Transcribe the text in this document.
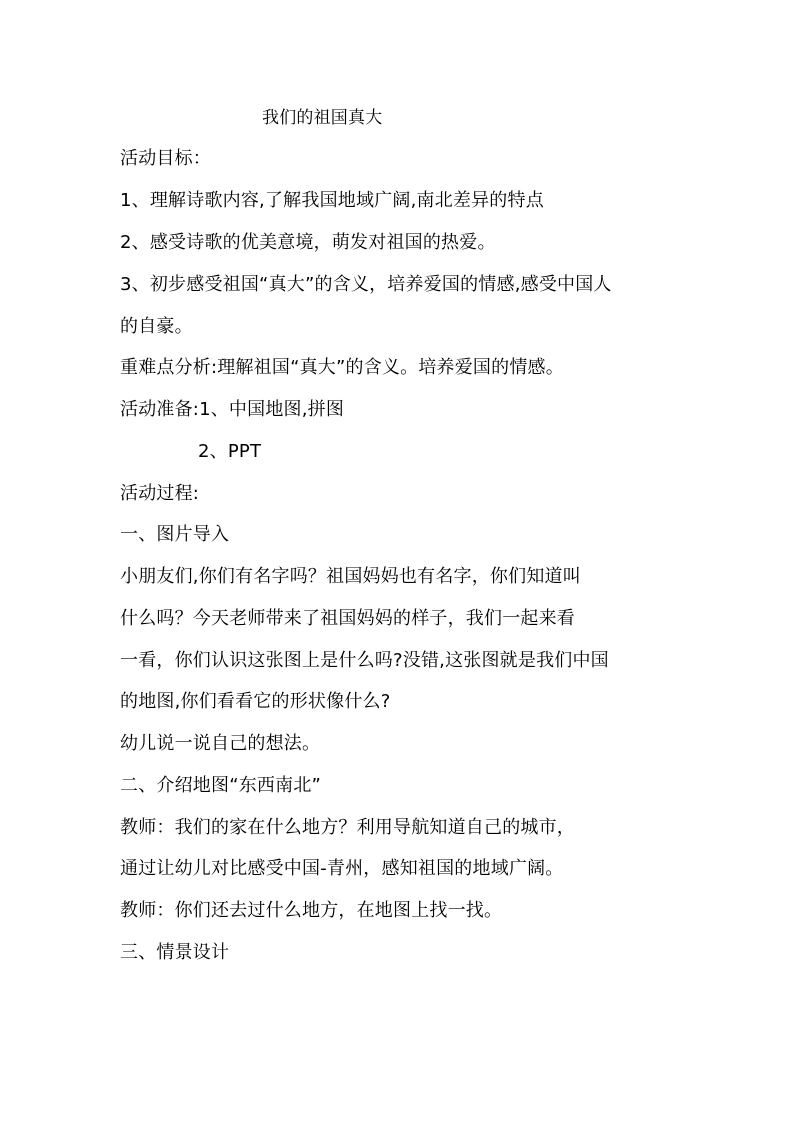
我们的祖国真大
活动目标：
1、理解诗歌内容,了解我国地域广阔,南北差异的特点
2、感受诗歌的优美意境，萌发对祖国的热爱。
3、初步感受祖国“真大”的含义，培养爱国的情感,感受中国人
的自豪。
重难点分析:理解祖国“真大”的含义。培养爱国的情感。
活动准备:1、中国地图,拼图
2、PPT
活动过程:
一、图片导入
小朋友们,你们有名字吗？祖国妈妈也有名字，你们知道叫
什么吗？今天老师带来了祖国妈妈的样子，我们一起来看
一看，你们认识这张图上是什么吗?没错,这张图就是我们中国
的地图,你们看看它的形状像什么?
幼儿说一说自己的想法。
二、介绍地图“东西南北”
教师：我们的家在什么地方？利用导航知道自己的城市，
通过让幼儿对比感受中国-青州，感知祖国的地域广阔。
教师：你们还去过什么地方，在地图上找一找。
三、情景设计
